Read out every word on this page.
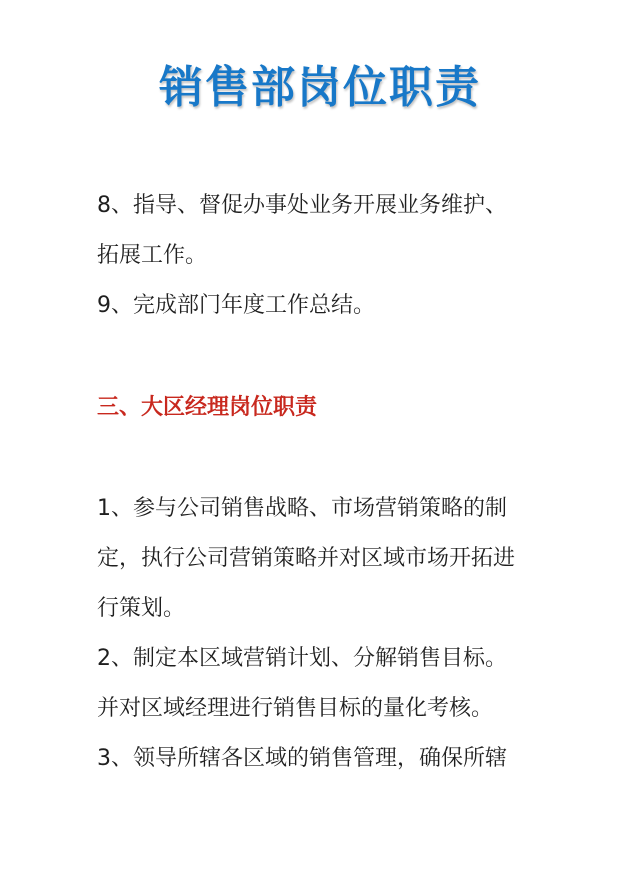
销售部岗位职责
8、指导、督促办事处业务开展业务维护、
拓展工作。
9、完成部门年度工作总结。
三、大区经理岗位职责
1、参与公司销售战略、市场营销策略的制
定，执行公司营销策略并对区域市场开拓进
行策划。
2、制定本区域营销计划、分解销售目标。
并对区域经理进行销售目标的量化考核。
3、领导所辖各区域的销售管理，确保所辖
